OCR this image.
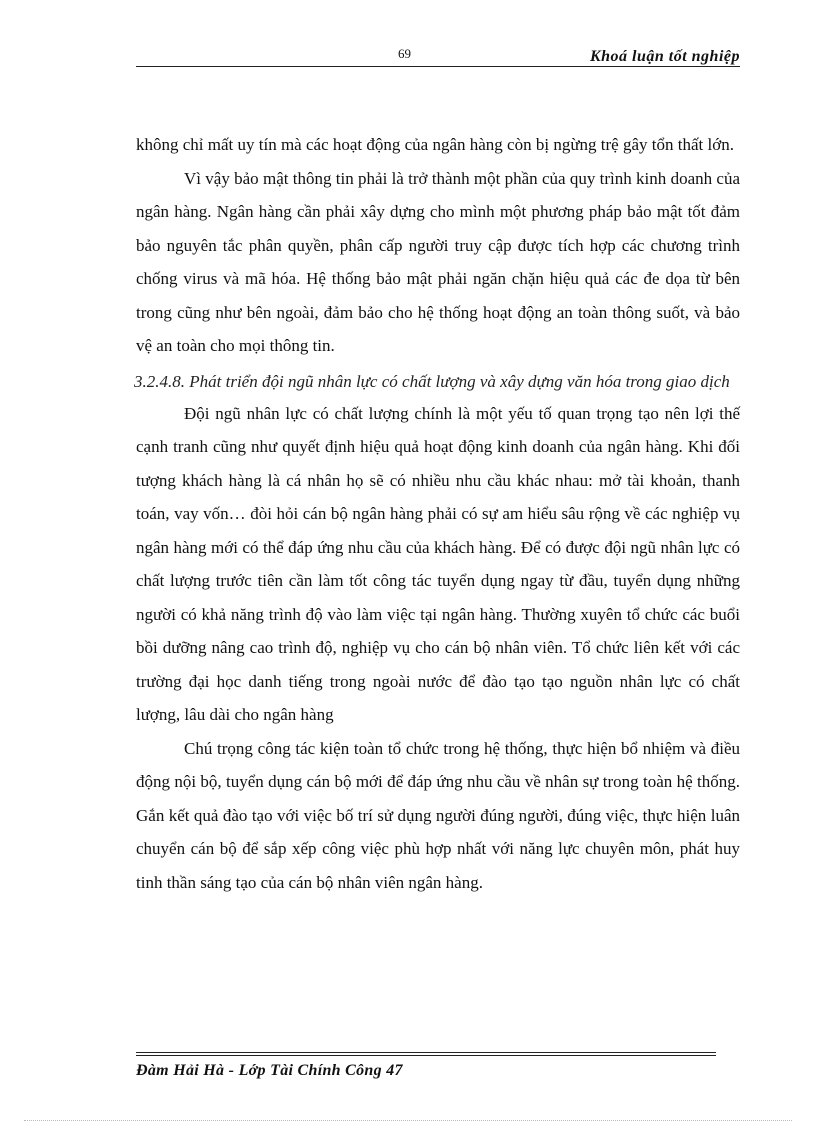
69	Khoá luận tốt nghiệp

không chỉ mất uy tín mà các hoạt động của ngân hàng còn bị ngừng trệ gây tổn thất lớn.

Vì vậy bảo mật thông tin phải là trở thành một phần của quy trình kinh doanh của ngân hàng. Ngân hàng cần phải xây dựng cho mình một phương pháp bảo mật tốt đảm bảo nguyên tắc phân quyền, phân cấp người truy cập được tích hợp các chương trình chống virus và mã hóa. Hệ thống bảo mật phải ngăn chặn hiệu quả các đe dọa từ bên trong cũng như bên ngoài, đảm bảo cho hệ thống hoạt động an toàn thông suốt, và bảo vệ an toàn cho mọi thông tin.

3.2.4.8. Phát triển đội ngũ nhân lực có chất lượng và xây dựng văn hóa trong giao dịch

Đội ngũ nhân lực có chất lượng chính là một yếu tố quan trọng tạo nên lợi thế cạnh tranh cũng như quyết định hiệu quả hoạt động kinh doanh của ngân hàng. Khi đối tượng khách hàng là cá nhân họ sẽ có nhiều nhu cầu khác nhau: mở tài khoản, thanh toán, vay vốn… đòi hỏi cán bộ ngân hàng phải có sự am hiểu sâu rộng về các nghiệp vụ ngân hàng mới có thể đáp ứng nhu cầu của khách hàng. Để có được đội ngũ nhân lực có chất lượng trước tiên cần làm tốt công tác tuyển dụng ngay từ đầu, tuyển dụng những người có khả năng trình độ vào làm việc tại ngân hàng. Thường xuyên tổ chức các buổi bồi dưỡng nâng cao trình độ, nghiệp vụ cho cán bộ nhân viên. Tổ chức liên kết với các trường đại học danh tiếng trong ngoài nước để đào tạo tạo nguồn nhân lực có chất lượng, lâu dài cho ngân hàng

Chú trọng công tác kiện toàn tổ chức trong hệ thống, thực hiện bổ nhiệm và điều động nội bộ, tuyển dụng cán bộ mới để đáp ứng nhu cầu về nhân sự trong toàn hệ thống. Gắn kết quả đào tạo với việc bố trí sử dụng người đúng người, đúng việc, thực hiện luân chuyển cán bộ để sắp xếp công việc phù hợp nhất với năng lực chuyên môn, phát huy tinh thần sáng tạo của cán bộ nhân viên ngân hàng.

Đàm Hải Hà - Lớp Tài Chính Công 47
